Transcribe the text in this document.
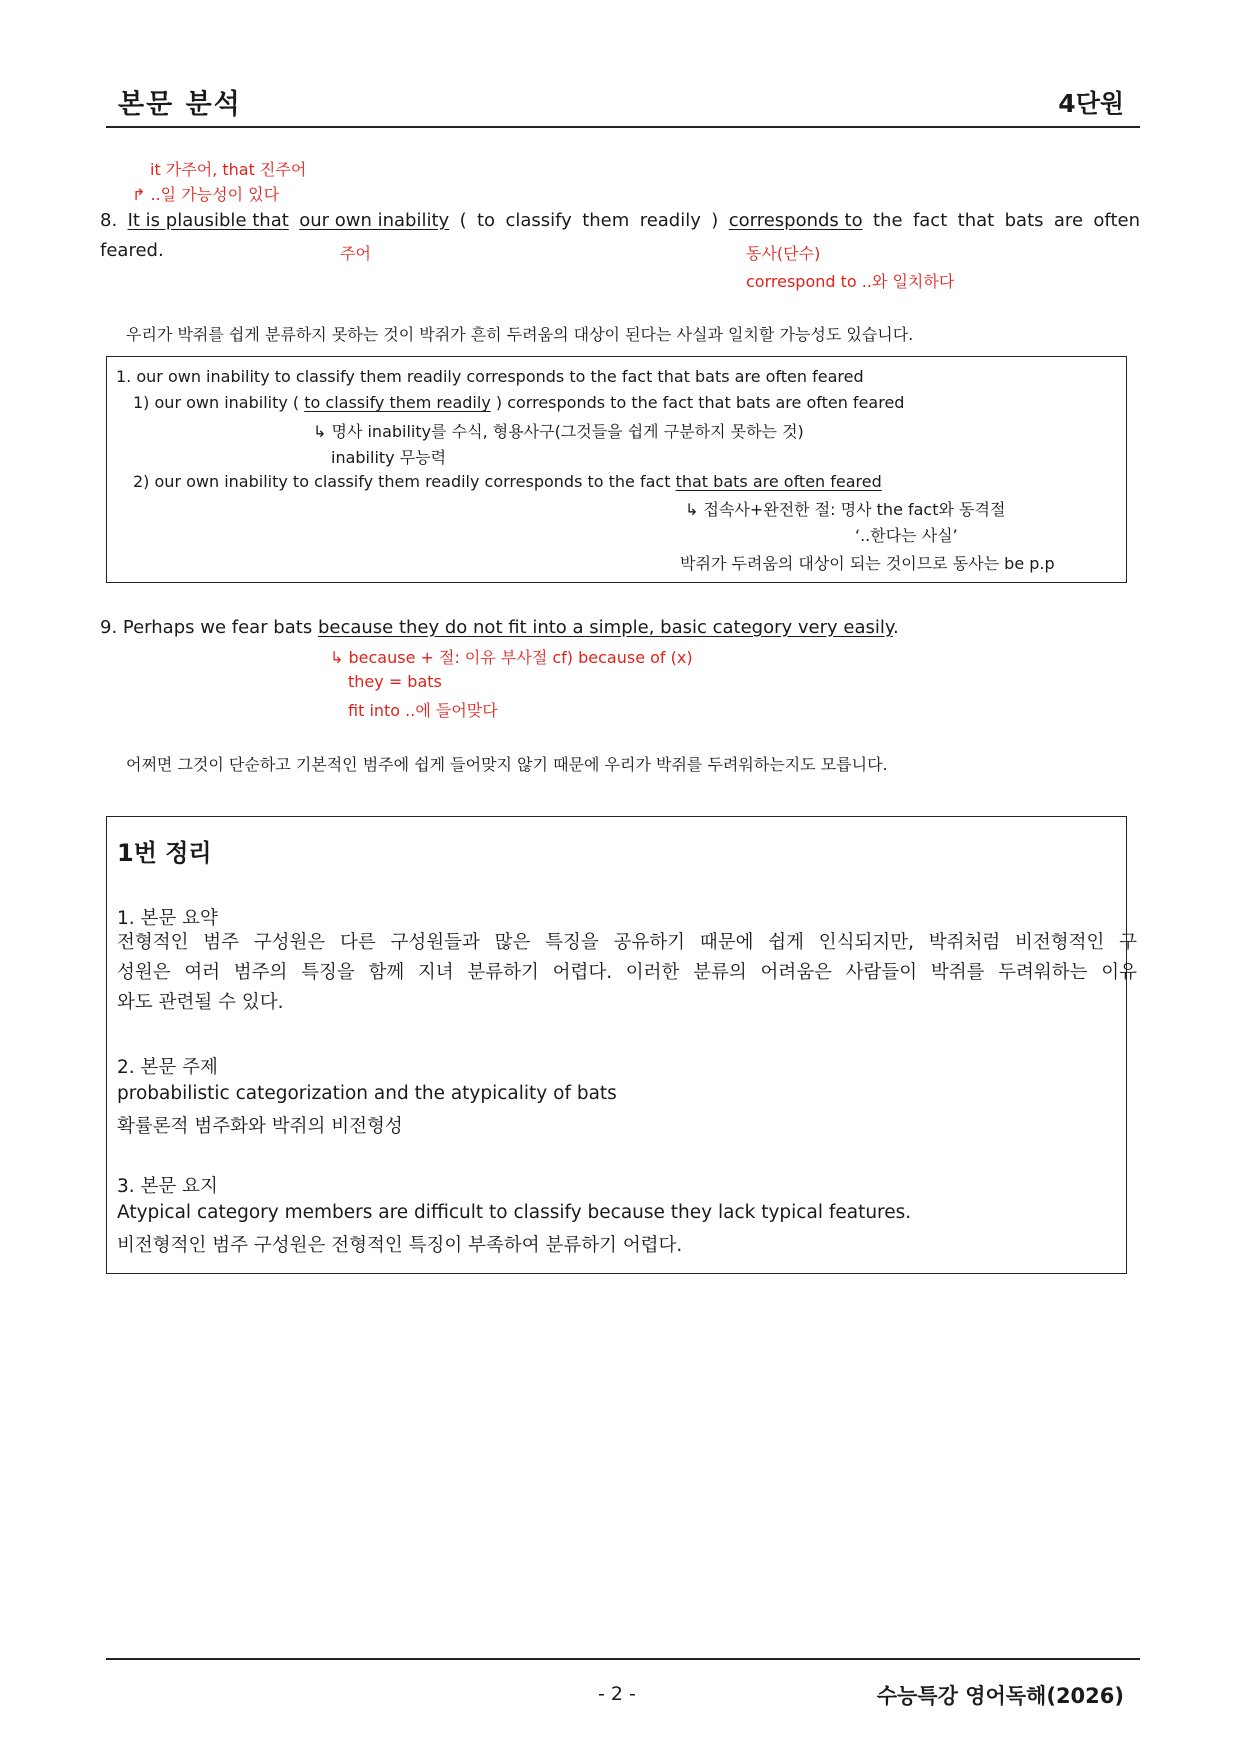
본문 분석	4단원
it 가주어, that 진주어
↱ ..일 가능성이 있다
8. It is plausible that our own inability ( to classify them readily ) corresponds to the fact that bats are often
feared.	주어	동사(단수)
correspond to ..와 일치하다
우리가 박쥐를 쉽게 분류하지 못하는 것이 박쥐가 흔히 두려움의 대상이 된다는 사실과 일치할 가능성도 있습니다.
1. our own inability to classify them readily corresponds to the fact that bats are often feared
1) our own inability ( to classify them readily ) corresponds to the fact that bats are often feared
↳ 명사 inability를 수식, 형용사구(그것들을 쉽게 구분하지 못하는 것)
inability 무능력
2) our own inability to classify them readily corresponds to the fact that bats are often feared
↳ 접속사+완전한 절: 명사 the fact와 동격절
‘..한다는 사실’
박쥐가 두려움의 대상이 되는 것이므로 동사는 be p.p
9. Perhaps we fear bats because they do not fit into a simple, basic category very easily.
↳ because + 절: 이유 부사절 cf) because of (x)
they = bats
fit into ..에 들어맞다
어쩌면 그것이 단순하고 기본적인 범주에 쉽게 들어맞지 않기 때문에 우리가 박쥐를 두려워하는지도 모릅니다.
1번 정리
1. 본문 요약
전형적인 범주 구성원은 다른 구성원들과 많은 특징을 공유하기 때문에 쉽게 인식되지만, 박쥐처럼 비전형적인 구
성원은 여러 범주의 특징을 함께 지녀 분류하기 어렵다. 이러한 분류의 어려움은 사람들이 박쥐를 두려워하는 이유
와도 관련될 수 있다.
2. 본문 주제
probabilistic categorization and the atypicality of bats
확률론적 범주화와 박쥐의 비전형성
3. 본문 요지
Atypical category members are difficult to classify because they lack typical features.
비전형적인 범주 구성원은 전형적인 특징이 부족하여 분류하기 어렵다.
- 2 -	수능특강 영어독해(2026)
